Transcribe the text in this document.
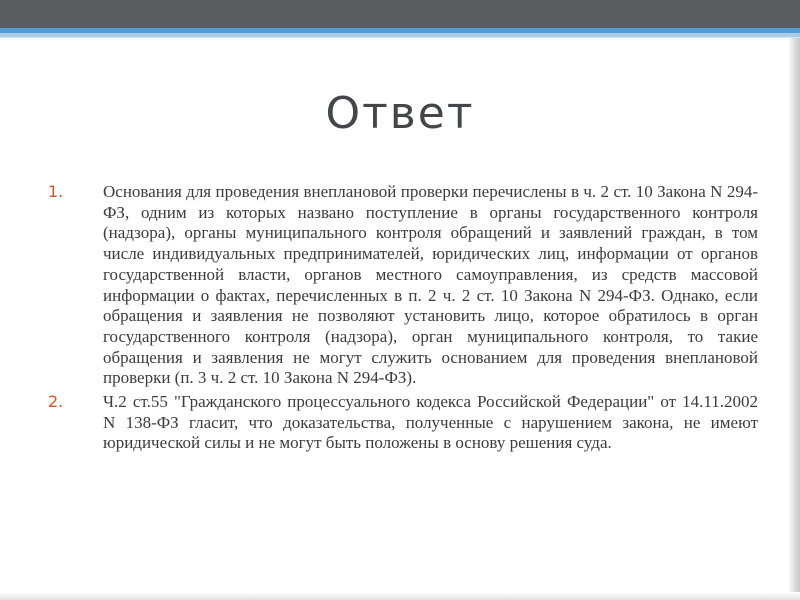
Ответ
1. Основания для проведения внеплановой проверки перечислены в ч. 2 ст. 10 Закона N 294-ФЗ, одним из которых названо поступление в органы государственного контроля (надзора), органы муниципального контроля обращений и заявлений граждан, в том числе индивидуальных предпринимателей, юридических лиц, информации от органов государственной власти, органов местного самоуправления, из средств массовой информации о фактах, перечисленных в п. 2 ч. 2 ст. 10 Закона N 294-ФЗ. Однако, если обращения и заявления не позволяют установить лицо, которое обратилось в орган государственного контроля (надзора), орган муниципального контроля, то такие обращения и заявления не могут служить основанием для проведения внеплановой проверки (п. 3 ч. 2 ст. 10 Закона N 294-ФЗ).
2. Ч.2 ст.55 "Гражданского процессуального кодекса Российской Федерации" от 14.11.2002 N 138-ФЗ гласит, что доказательства, полученные с нарушением закона, не имеют юридической силы и не могут быть положены в основу решения суда.
